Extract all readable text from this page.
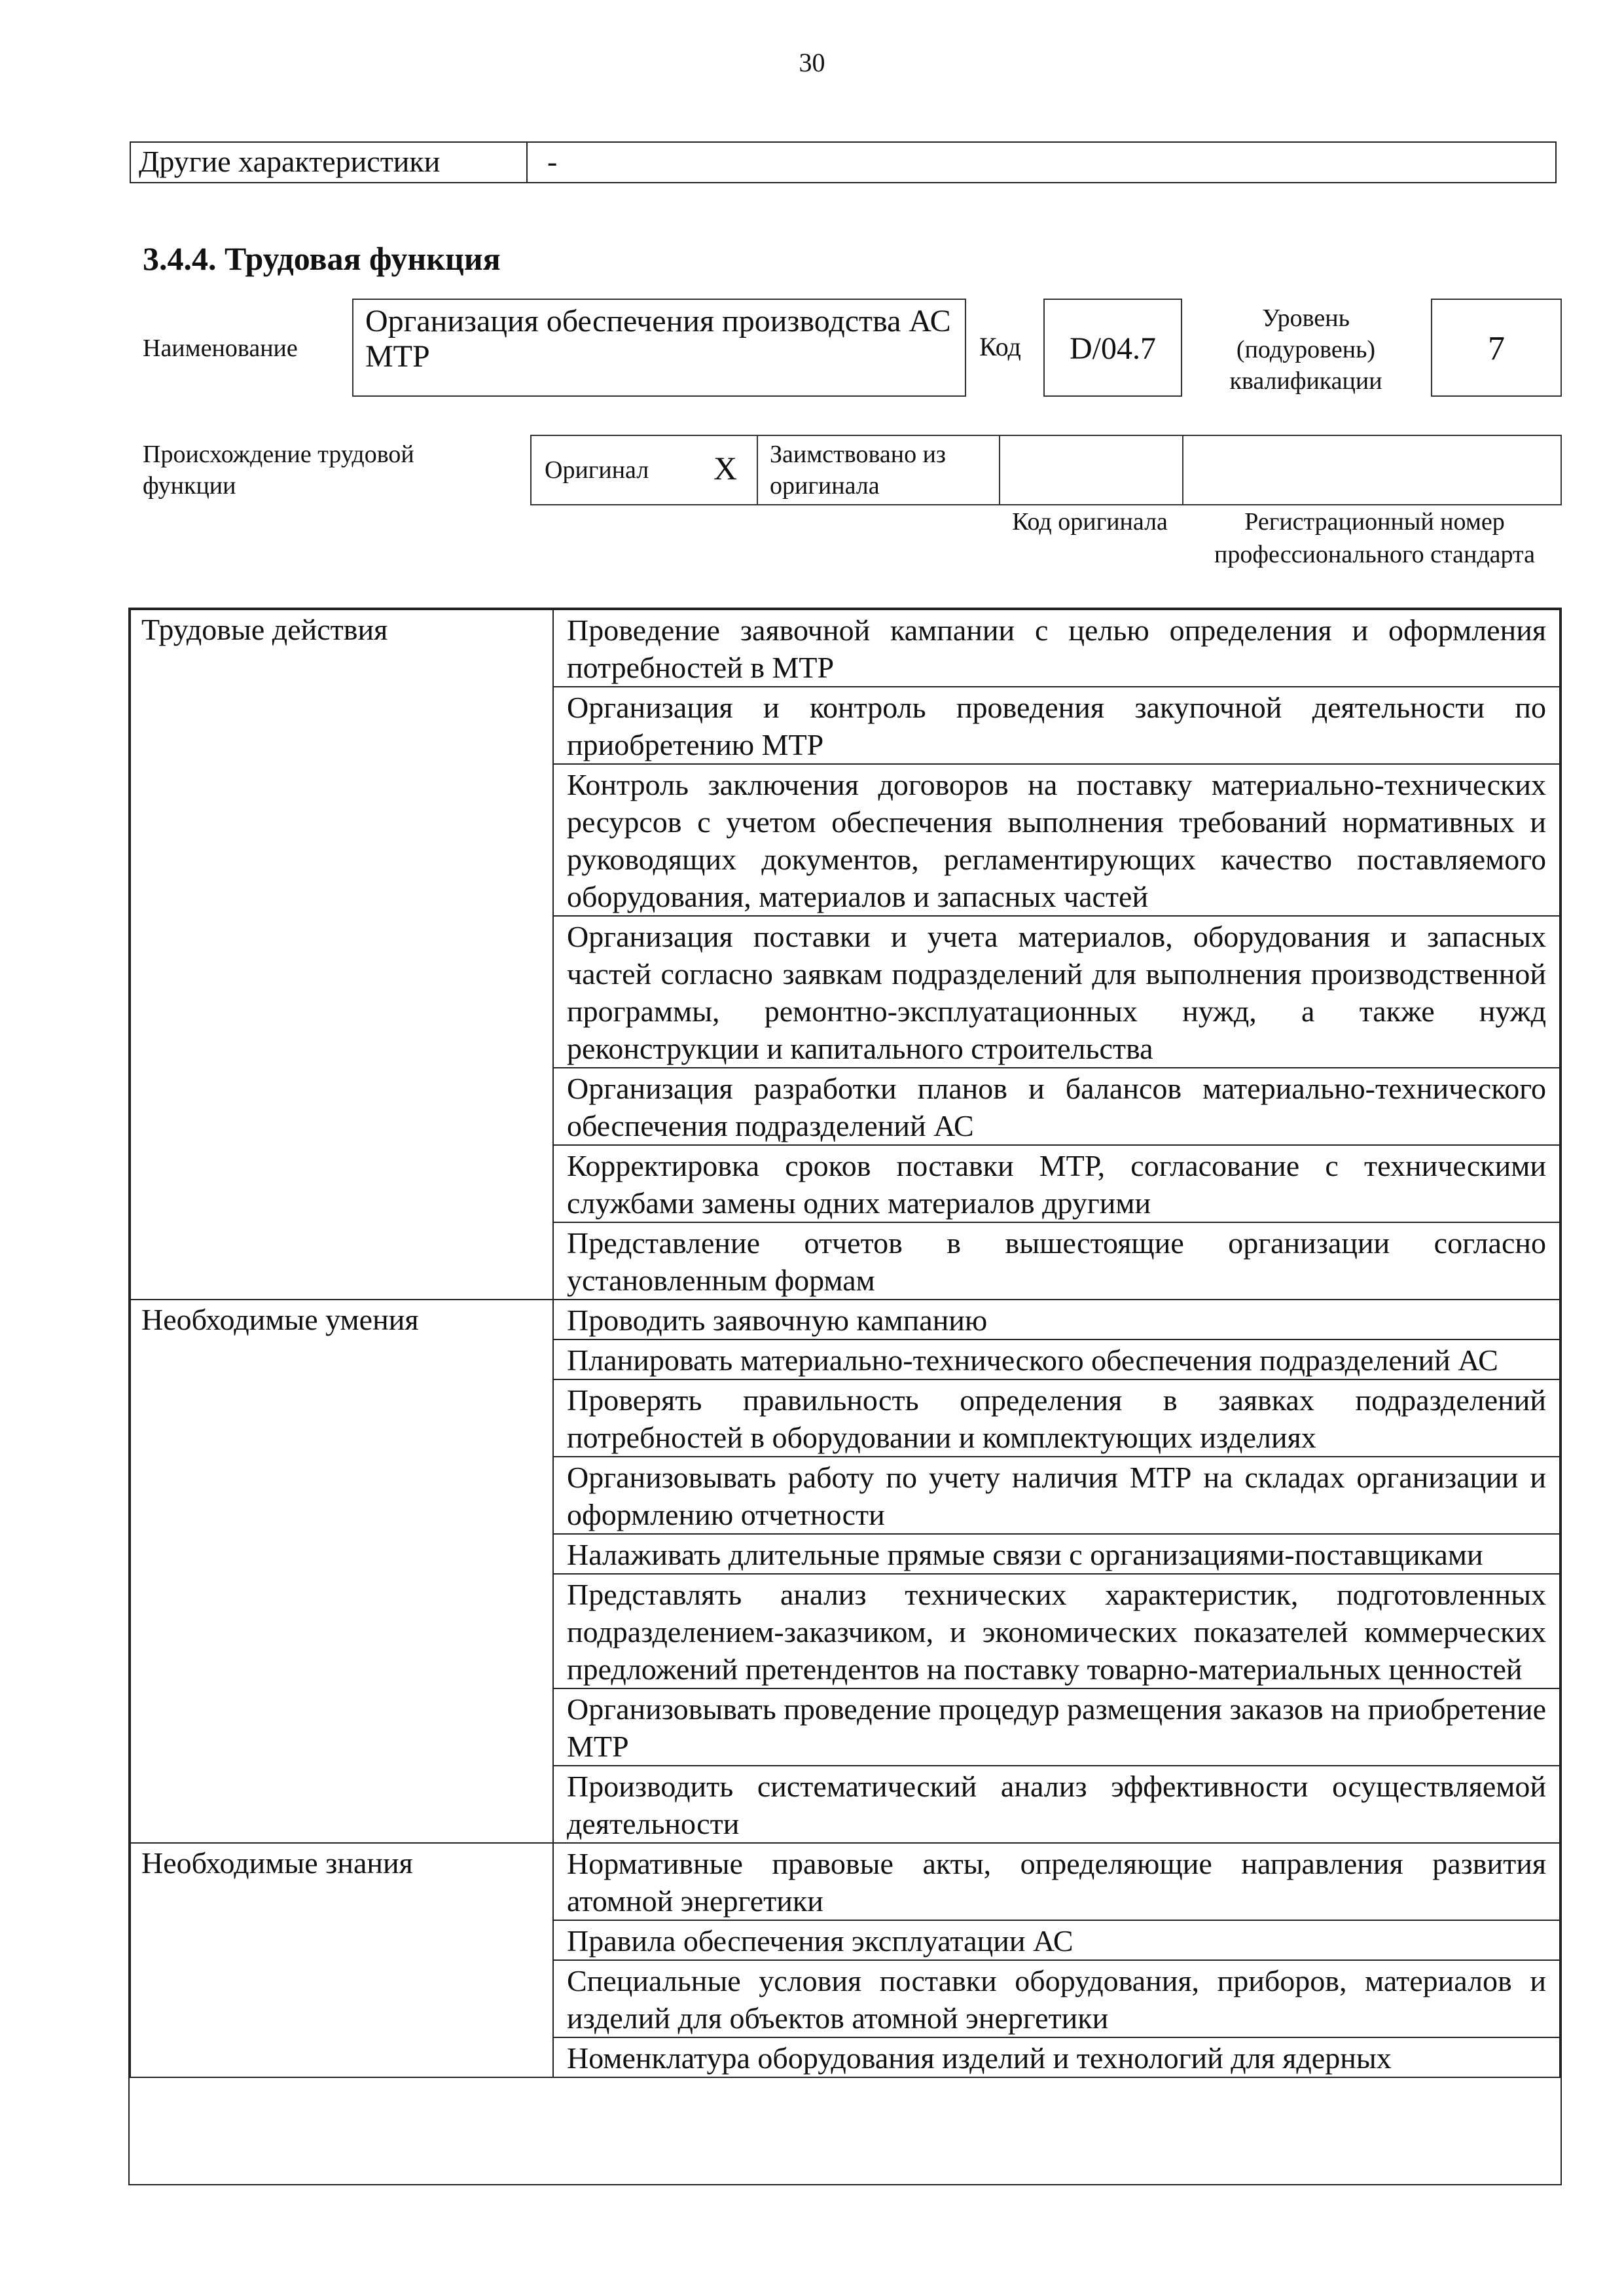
30
Другие характеристики	-
3.4.4. Трудовая функция
Наименование
Организация обеспечения производства АС МТР	Код	D/04.7
Уровень (подуровень) квалификации
7
Происхождение трудовой функции
Оригинал X	Заимствовано из оригинала
Код оригинала	Регистрационный номер профессионального стандарта
Трудовые действия	Проведение заявочной кампании с целью определения и оформления потребностей в МТР
	Организация и контроль проведения закупочной деятельности по приобретению МТР
	Контроль заключения договоров на поставку материально-технических ресурсов с учетом обеспечения выполнения требований нормативных и руководящих документов, регламентирующих качество поставляемого оборудования, материалов и запасных частей
	Организация поставки и учета материалов, оборудования и запасных частей согласно заявкам подразделений для выполнения производственной программы, ремонтно-эксплуатационных нужд, а также нужд реконструкции и капитального строительства
	Организация разработки планов и балансов материально-технического обеспечения подразделений АС
	Корректировка сроков поставки МТР, согласование с техническими службами замены одних материалов другими
	Представление отчетов в вышестоящие организации согласно установленным формам
Необходимые умения	Проводить заявочную кампанию
	Планировать материально-технического обеспечения подразделений АС
	Проверять правильность определения в заявках подразделений потребностей в оборудовании и комплектующих изделиях
	Организовывать работу по учету наличия МТР на складах организации и оформлению отчетности
	Налаживать длительные прямые связи с организациями-поставщиками
	Представлять анализ технических характеристик, подготовленных подразделением-заказчиком, и экономических показателей коммерческих предложений претендентов на поставку товарно-материальных ценностей
	Организовывать проведение процедур размещения заказов на приобретение МТР
	Производить систематический анализ эффективности осуществляемой деятельности
Необходимые знания	Нормативные правовые акты, определяющие направления развития атомной энергетики
	Правила обеспечения эксплуатации АС
	Специальные условия поставки оборудования, приборов, материалов и изделий для объектов атомной энергетики
	Номенклатура оборудования изделий и технологий для ядерных
